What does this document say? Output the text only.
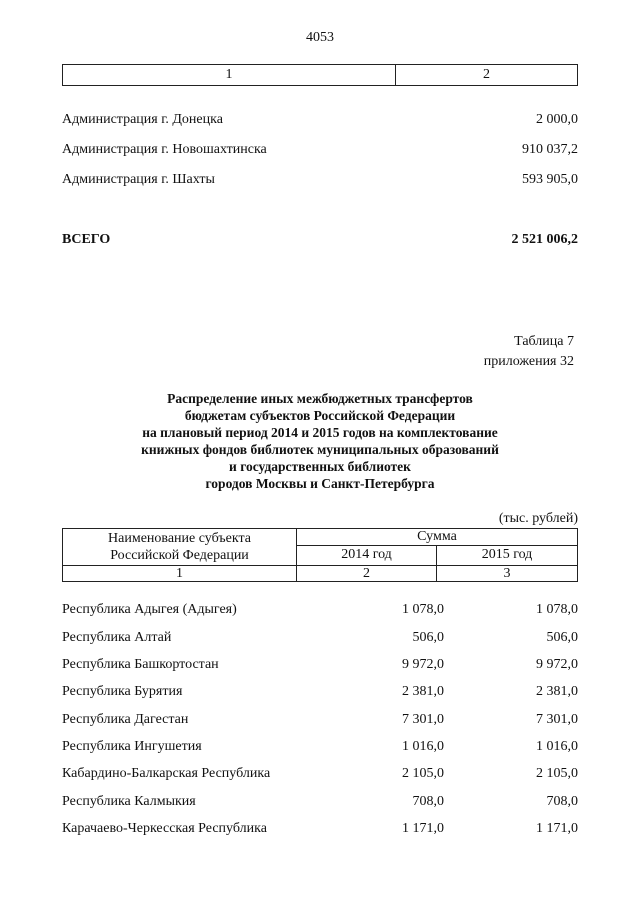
4053
1	2
Администрация г. Донецка	2 000,0
Администрация г. Новошахтинска	910 037,2
Администрация г. Шахты	593 905,0
ВСЕГО	2 521 006,2
Таблица 7
приложения 32
Распределение иных межбюджетных трансфертов
бюджетам субъектов Российской Федерации
на плановый период 2014 и 2015 годов на комплектование
книжных фондов библиотек муниципальных образований
и государственных библиотек
городов Москвы и Санкт-Петербурга
(тыс. рублей)
Наименование субъекта
Российской Федерации
Сумма
2014 год	2015 год
1	2	3
Республика Адыгея (Адыгея)	1 078,0	1 078,0
Республика Алтай	506,0	506,0
Республика Башкортостан	9 972,0	9 972,0
Республика Бурятия	2 381,0	2 381,0
Республика Дагестан	7 301,0	7 301,0
Республика Ингушетия	1 016,0	1 016,0
Кабардино-Балкарская Республика	2 105,0	2 105,0
Республика Калмыкия	708,0	708,0
Карачаево-Черкесская Республика	1 171,0	1 171,0
